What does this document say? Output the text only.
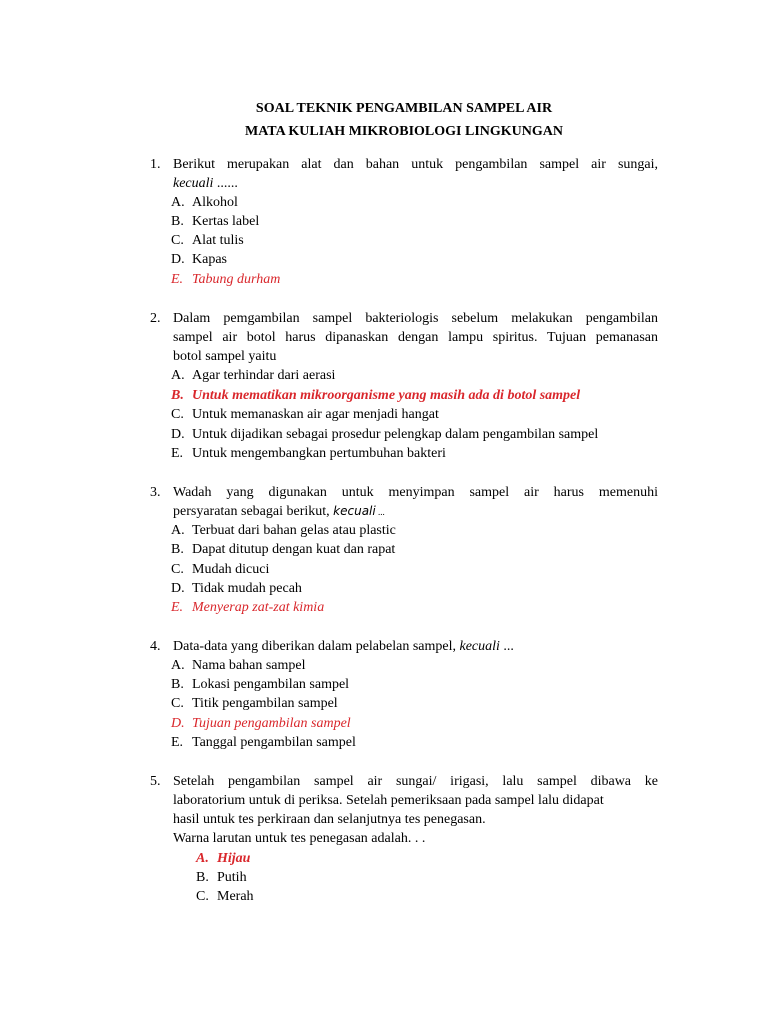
SOAL TEKNIK PENGAMBILAN SAMPEL AIR
MATA KULIAH MIKROBIOLOGI LINGKUNGAN
1. Berikut merupakan alat dan bahan untuk pengambilan sampel air sungai,
kecuali ......
A. Alkohol
B. Kertas label
C. Alat tulis
D. Kapas
E. Tabung durham
2. Dalam pemgambilan sampel bakteriologis sebelum melakukan pengambilan
sampel air botol harus dipanaskan dengan lampu spiritus. Tujuan pemanasan
botol sampel yaitu
A. Agar terhindar dari aerasi
B. Untuk mematikan mikroorganisme yang masih ada di botol sampel
C. Untuk memanaskan air agar menjadi hangat
D. Untuk dijadikan sebagai prosedur pelengkap dalam pengambilan sampel
E. Untuk mengembangkan pertumbuhan bakteri
3. Wadah yang digunakan untuk menyimpan sampel air harus memenuhi
persyaratan sebagai berikut, kecuali ...
A. Terbuat dari bahan gelas atau plastic
B. Dapat ditutup dengan kuat dan rapat
C. Mudah dicuci
D. Tidak mudah pecah
E. Menyerap zat-zat kimia
4. Data-data yang diberikan dalam pelabelan sampel, kecuali ...
A. Nama bahan sampel
B. Lokasi pengambilan sampel
C. Titik pengambilan sampel
D. Tujuan pengambilan sampel
E. Tanggal pengambilan sampel
5. Setelah pengambilan sampel air sungai/ irigasi, lalu sampel dibawa ke
laboratorium untuk di periksa. Setelah pemeriksaan pada sampel lalu didapat
hasil untuk tes perkiraan dan selanjutnya tes penegasan.
Warna larutan untuk tes penegasan adalah. . .
A. Hijau
B. Putih
C. Merah
